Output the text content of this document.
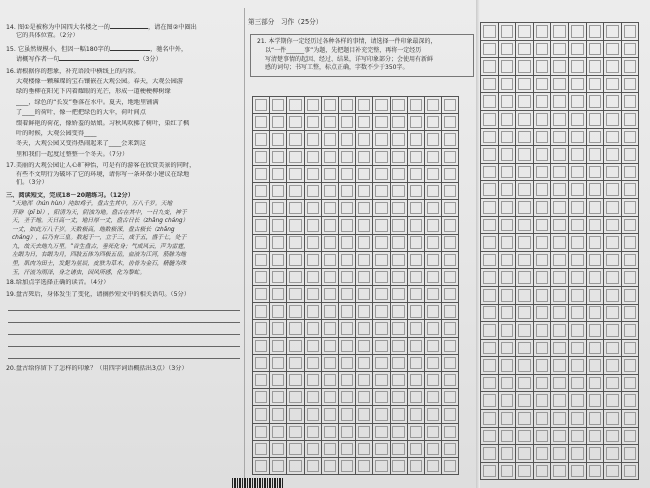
14. 图①是被称为中国四大名楼之一的	，请在图②中圈出

它的具体位置。（2分）

15. 它虽然规模小，但因一幅180字的	，驰名中外，

请概写作者一句	（3分）

16.请根据你的想象，补充语段中横线上的内容。

大观楼像一颗璀璨的宝石镶嵌在大观公园。春天，大观公园游

绿的垂柳在阳光下闪着耀眼的光芒，形成一道梗梗柳树缘

____，绿色的“长发”垂落在水中。夏天，地地里铺满

了____的荷叶，像一把把绿色的大伞，荷叶间点

缀着鲜艳的荷花，像娇羞的姑娘。习秋风吹拂了树叶，染红了枫

叶的时候，大观公园变得____

冬天，大观公园又变得热闹起来了____会来到这

里和我们一起度过整整一个冬天。（7分）

17.美丽的大观公园让人心旷神怡，可是有的游客在欣赏美景的同时，

有些不文明行为破坏了它的环境，请你写一条环保小建议在绿地

们。（3分）

三、阅读短文，完成18－20题练习。（12分）

“天地浑（hún hùn）沌如鸡子，盘古生其中，万八千岁。天地

开辟（pī bì），阳清为天，阴浊为地。盘古在其中，一日九变，神于

天，圣于地。天日高一丈，地日厚一丈，盘古日长（zhǎng cháng）

一丈，如此万八千岁。天数极高，地数极深，盘古极长（zhǎng

cháng），后乃有三皇。数起于一，立于三，成于五，盛于七，处于

九，故天去地九万里。”首生盘古，垂死化身；气成风云，声为雷霆，

左眼为日，右眼为月，四肢五体为四极五岳，血液为江河，筋脉为地

里，肌肉为田土，发髭为星辰，皮肤为草木，齿骨为金石，精髓为珠

玉，汗流为雨泽，身之诸虫，因风所感，化为黎虻。

18.给加点字选择正确的读音。（4分）

19.盘古死后，身体发生了变化，请摘抄短文中的相关语句。（5分）

20.盘古给你留下了怎样的印象？（用四字词语概括出3点）（3分）

第三部分　习作（25分）

21. 本学期你一定经历过各种各样的事情，请选择一件印象最深的，

以“一件______事”为题，先把题目补充完整，再将一定经历

写清楚事情的起因、经过、结果，详写印象部分；会使用有新鲜

感的词句；书写工整，标点正确，字数不少于350字。
